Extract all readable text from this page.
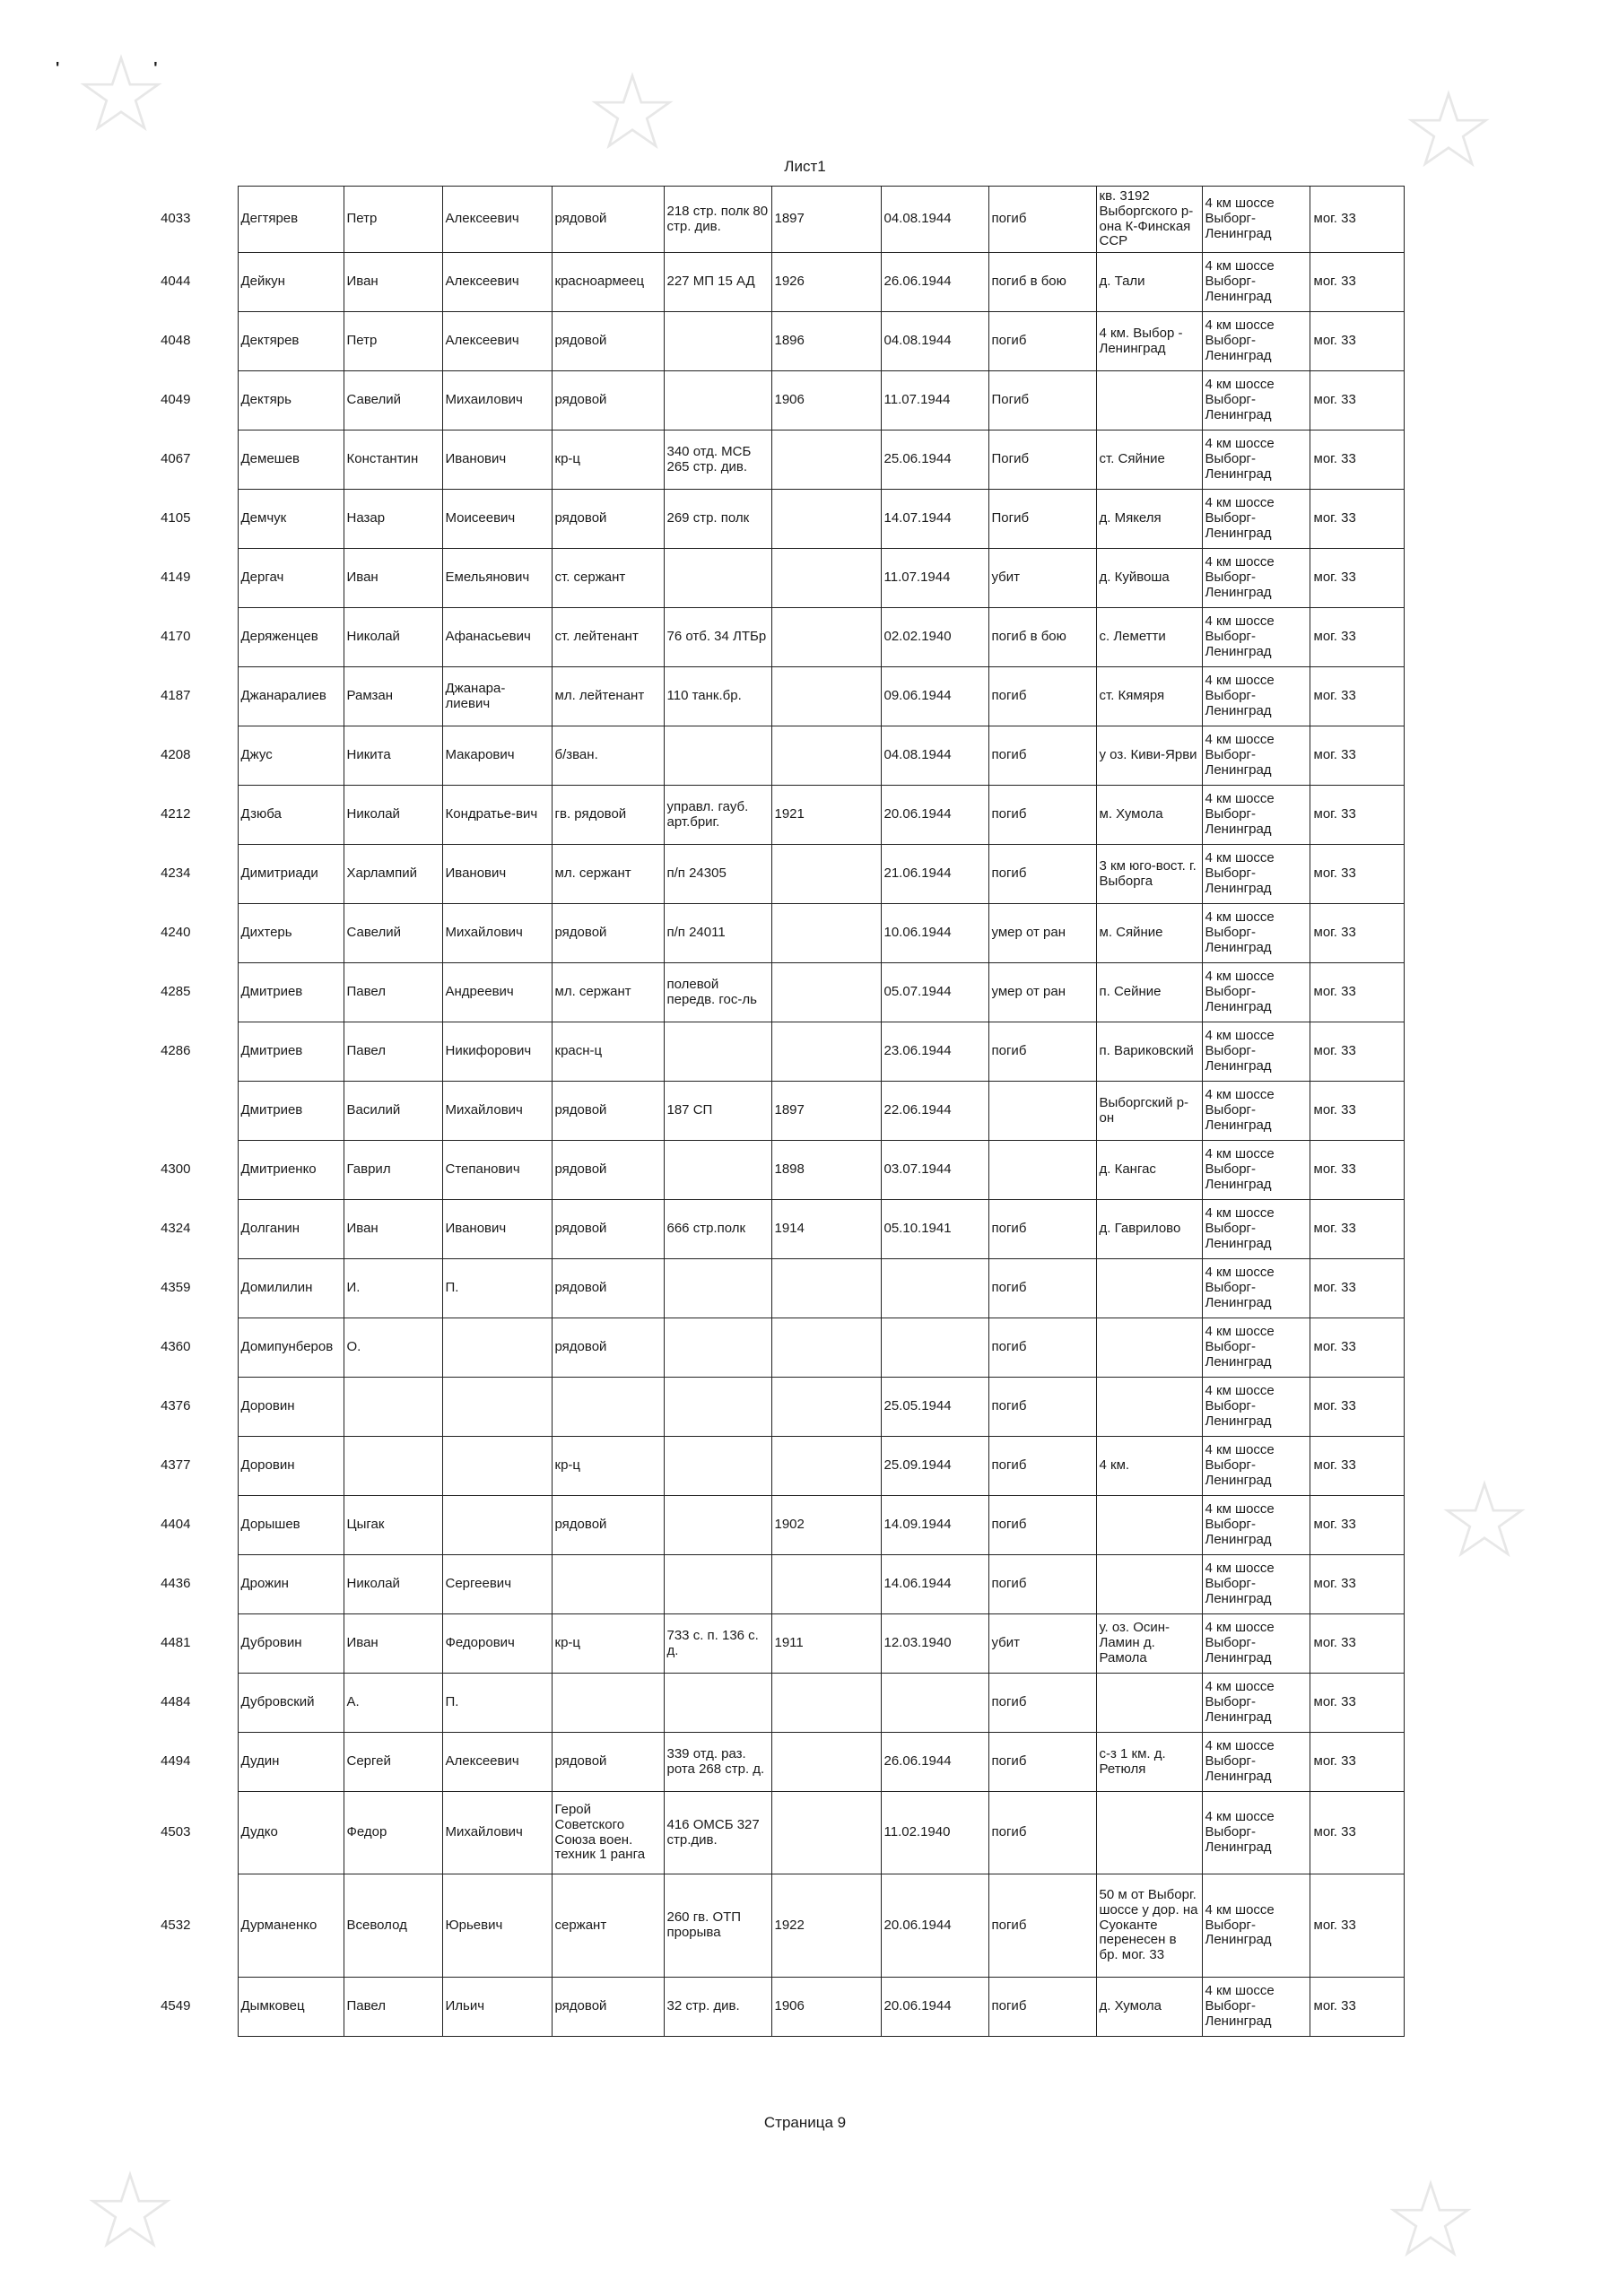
'	'
Лист1
4033	Дегтярев	Петр	Алексеевич	рядовой	218 стр. полк 80 стр. див.	1897	04.08.1944	погиб	кв. 3192 Выборгского р-она К-Финская ССР	4 км шоссе Выборг-Ленинград	мог. 33
4044	Дейкун	Иван	Алексеевич	красноармеец	227 МП 15 АД	1926	26.06.1944	погиб в бою	д. Тали	4 км шоссе Выборг-Ленинград	мог. 33
4048	Дектярев	Петр	Алексеевич	рядовой		1896	04.08.1944	погиб	4 км. Выбор - Ленинград	4 км шоссе Выборг-Ленинград	мог. 33
4049	Дектярь	Савелий	Михаилович	рядовой		1906	11.07.1944	Погиб		4 км шоссе Выборг-Ленинград	мог. 33
4067	Демешев	Константин	Иванович	кр-ц	340 отд. МСБ 265 стр. див.		25.06.1944	Погиб	ст. Сяйние	4 км шоссе Выборг-Ленинград	мог. 33
4105	Демчук	Назар	Моисеевич	рядовой	269 стр. полк		14.07.1944	Погиб	д. Мякеля	4 км шоссе Выборг-Ленинград	мог. 33
4149	Дергач	Иван	Емельянович	ст. сержант			11.07.1944	убит	д. Куйвоша	4 км шоссе Выборг-Ленинград	мог. 33
4170	Деряженцев	Николай	Афанасьевич	ст. лейтенант	76 отб. 34 ЛТБр		02.02.1940	погиб в бою	с. Леметти	4 км шоссе Выборг-Ленинград	мог. 33
4187	Джанаралиев	Рамзан	Джанара-лиевич	мл. лейтенант	110 танк.бр.		09.06.1944	погиб	ст. Кямяря	4 км шоссе Выборг-Ленинград	мог. 33
4208	Джус	Никита	Макарович	б/зван.			04.08.1944	погиб	у оз. Киви-Ярви	4 км шоссе Выборг-Ленинград	мог. 33
4212	Дзюба	Николай	Кондратье-вич	гв. рядовой	управл. гауб. арт.бриг.	1921	20.06.1944	погиб	м. Хумола	4 км шоссе Выборг-Ленинград	мог. 33
4234	Димитриади	Харлампий	Иванович	мл. сержант	п/п 24305		21.06.1944	погиб	3 км юго-вост. г. Выборга	4 км шоссе Выборг-Ленинград	мог. 33
4240	Дихтерь	Савелий	Михайлович	рядовой	п/п 24011		10.06.1944	умер от ран	м. Сяйние	4 км шоссе Выборг-Ленинград	мог. 33
4285	Дмитриев	Павел	Андреевич	мл. сержант	полевой передв. гос-ль		05.07.1944	умер от ран	п. Сейние	4 км шоссе Выборг-Ленинград	мог. 33
4286	Дмитриев	Павел	Никифорович	красн-ц			23.06.1944	погиб	п. Вариковский	4 км шоссе Выборг-Ленинград	мог. 33
	Дмитриев	Василий	Михайлович	рядовой	187 СП	1897	22.06.1944		Выборгский р-он	4 км шоссе Выборг-Ленинград	мог. 33
4300	Дмитриенко	Гаврил	Степанович	рядовой		1898	03.07.1944		д. Кангас	4 км шоссе Выборг-Ленинград	мог. 33
4324	Долганин	Иван	Иванович	рядовой	666 стр.полк	1914	05.10.1941	погиб	д. Гаврилово	4 км шоссе Выборг-Ленинград	мог. 33
4359	Домилилин	И.	П.	рядовой				погиб		4 км шоссе Выборг-Ленинград	мог. 33
4360	Домипунберов	О.		рядовой				погиб		4 км шоссе Выборг-Ленинград	мог. 33
4376	Доровин						25.05.1944	погиб		4 км шоссе Выборг-Ленинград	мог. 33
4377	Доровин			кр-ц			25.09.1944	погиб	4 км.	4 км шоссе Выборг-Ленинград	мог. 33
4404	Дорышев	Цыгак		рядовой		1902	14.09.1944	погиб		4 км шоссе Выборг-Ленинград	мог. 33
4436	Дрожин	Николай	Сергеевич				14.06.1944	погиб		4 км шоссе Выборг-Ленинград	мог. 33
4481	Дубровин	Иван	Федорович	кр-ц	733 с. п. 136 с. д.	1911	12.03.1940	убит	у. оз. Осин-Ламин д. Рамола	4 км шоссе Выборг-Ленинград	мог. 33
4484	Дубровский	А.	П.					погиб		4 км шоссе Выборг-Ленинград	мог. 33
4494	Дудин	Сергей	Алексеевич	рядовой	339 отд. раз. рота 268 стр. д.		26.06.1944	погиб	с-з 1 км. д. Ретюля	4 км шоссе Выборг-Ленинград	мог. 33
4503	Дудко	Федор	Михайлович	Герой Советского Союза воен. техник 1 ранга	416 ОМСБ 327 стр.див.		11.02.1940	погиб		4 км шоссе Выборг-Ленинград	мог. 33
4532	Дурманенко	Всеволод	Юрьевич	сержант	260 гв. ОТП прорыва	1922	20.06.1944	погиб	50 м от Выборг. шоссе у дор. на Суоканте перенесен в бр. мог. 33	4 км шоссе Выборг-Ленинград	мог. 33
4549	Дымковец	Павел	Ильич	рядовой	32 стр. див.	1906	20.06.1944	погиб	д. Хумола	4 км шоссе Выборг-Ленинград	мог. 33
Страница 9
